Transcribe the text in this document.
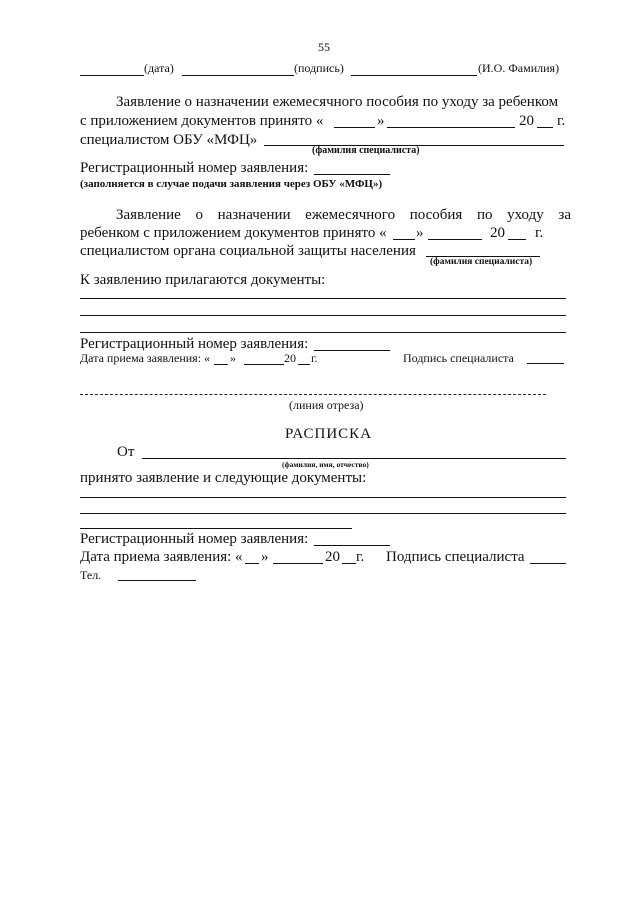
55
(дата)	(подпись)	(И.О. Фамилия)
Заявление о назначении ежемесячного пособия по уходу за ребенком
с приложением документов принято «	»	20 г.
специалистом ОБУ «МФЦ»
(фамилия специалиста)
Регистрационный номер заявления:
(заполняется в случае подачи заявления через ОБУ «МФЦ»)
Заявление о назначении ежемесячного пособия по уходу за
ребенком с приложением документов принято « »	20 г.
специалистом органа социальной защиты населения
(фамилия специалиста)
К заявлению прилагаются документы:
Регистрационный номер заявления:
Дата приема заявления: « »	20 г.	Подпись специалиста
(линия отреза)
РАСПИСКА
От
(фамилия, имя, отчество)
принято заявление и следующие документы:
Регистрационный номер заявления:
Дата приема заявления: « »	20 г. Подпись специалиста
Тел.
